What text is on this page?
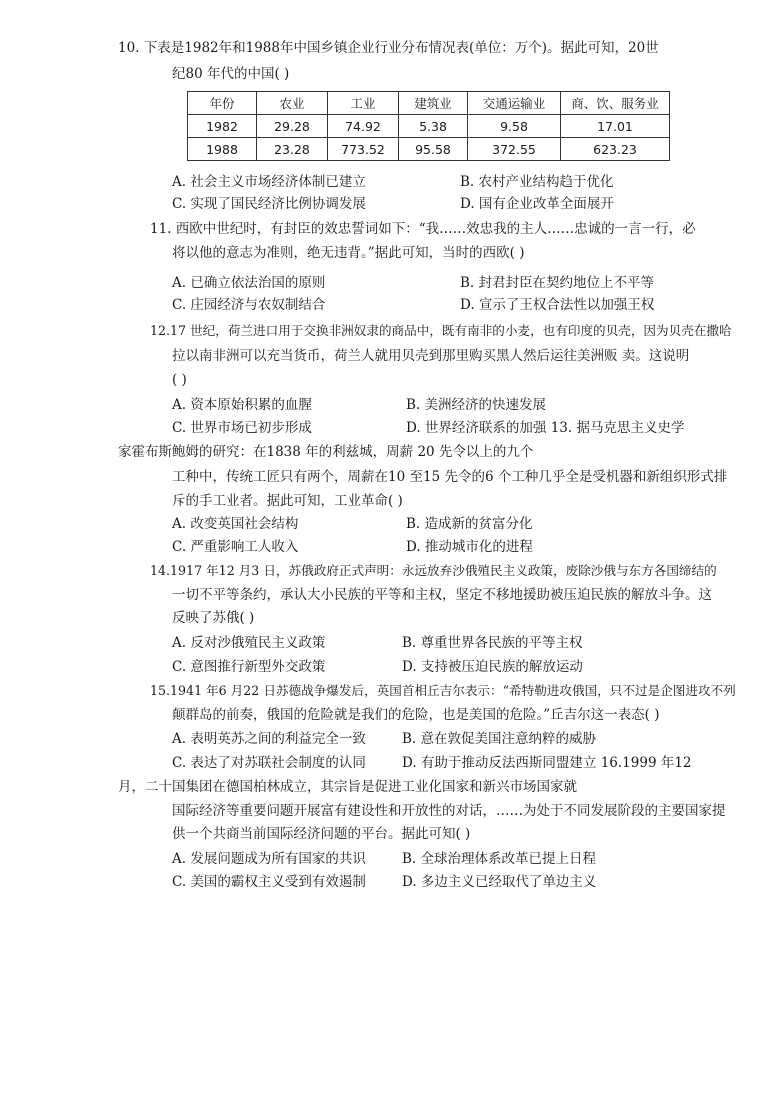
10. 下表是1982年和1988年中国乡镇企业行业分布情况表(单位：万个)。据此可知，20世
纪80 年代的中国( )
年份	农业	工业	建筑业	交通运输业	商、饮、服务业
1982	29.28	74.92	5.38	9.58	17.01
1988	23.28	773.52	95.58	372.55	623.23
A. 社会主义市场经济体制已建立	B. 农村产业结构趋于优化
C. 实现了国民经济比例协调发展	D. 国有企业改革全面展开
11. 西欧中世纪时，有封臣的效忠誓词如下：“我……效忠我的主人……忠诚的一言一行，必
将以他的意志为准则，绝无违背。”据此可知，当时的西欧( )
A. 已确立依法治国的原则	B. 封君封臣在契约地位上不平等
C. 庄园经济与农奴制结合	D. 宣示了王权合法性以加强王权
12.17 世纪，荷兰进口用于交换非洲奴隶的商品中，既有南非的小麦，也有印度的贝壳，因为贝壳在撒哈
拉以南非洲可以充当货币，荷兰人就用贝壳到那里购买黑人然后运往美洲贩 卖。这说明
( )
A. 资本原始积累的血腥	B. 美洲经济的快速发展
C. 世界市场已初步形成	D. 世界经济联系的加强 13. 据马克思主义史学
家霍布斯鲍姆的研究：在1838 年的利兹城，周薪 20 先令以上的九个
工种中，传统工匠只有两个，周薪在10 至15 先令的6 个工种几乎全是受机器和新组织形式排
斥的手工业者。据此可知，工业革命( )
A. 改变英国社会结构	B. 造成新的贫富分化
C. 严重影响工人收入	D. 推动城市化的进程
14.1917 年12 月3 日，苏俄政府正式声明：永远放弃沙俄殖民主义政策，废除沙俄与东方各国缔结的
一切不平等条约，承认大小民族的平等和主权，坚定不移地援助被压迫民族的解放斗争。这
反映了苏俄( )
A. 反对沙俄殖民主义政策	B. 尊重世界各民族的平等主权
C. 意图推行新型外交政策	D. 支持被压迫民族的解放运动
15.1941 年6 月22 日苏德战争爆发后，英国首相丘吉尔表示：“希特勒进攻俄国，只不过是企图进攻不列
颠群岛的前奏，俄国的危险就是我们的危险，也是美国的危险。”丘吉尔这一表态( )
A. 表明英苏之间的利益完全一致	B. 意在敦促美国注意纳粹的威胁
C. 表达了对苏联社会制度的认同	D. 有助于推动反法西斯同盟建立 16.1999 年12
月，二十国集团在德国柏林成立，其宗旨是促进工业化国家和新兴市场国家就
国际经济等重要问题开展富有建设性和开放性的对话，……为处于不同发展阶段的主要国家提
供一个共商当前国际经济问题的平台。据此可知( )
A. 发展问题成为所有国家的共识	B. 全球治理体系改革已提上日程
C. 美国的霸权主义受到有效遏制	D. 多边主义已经取代了单边主义
